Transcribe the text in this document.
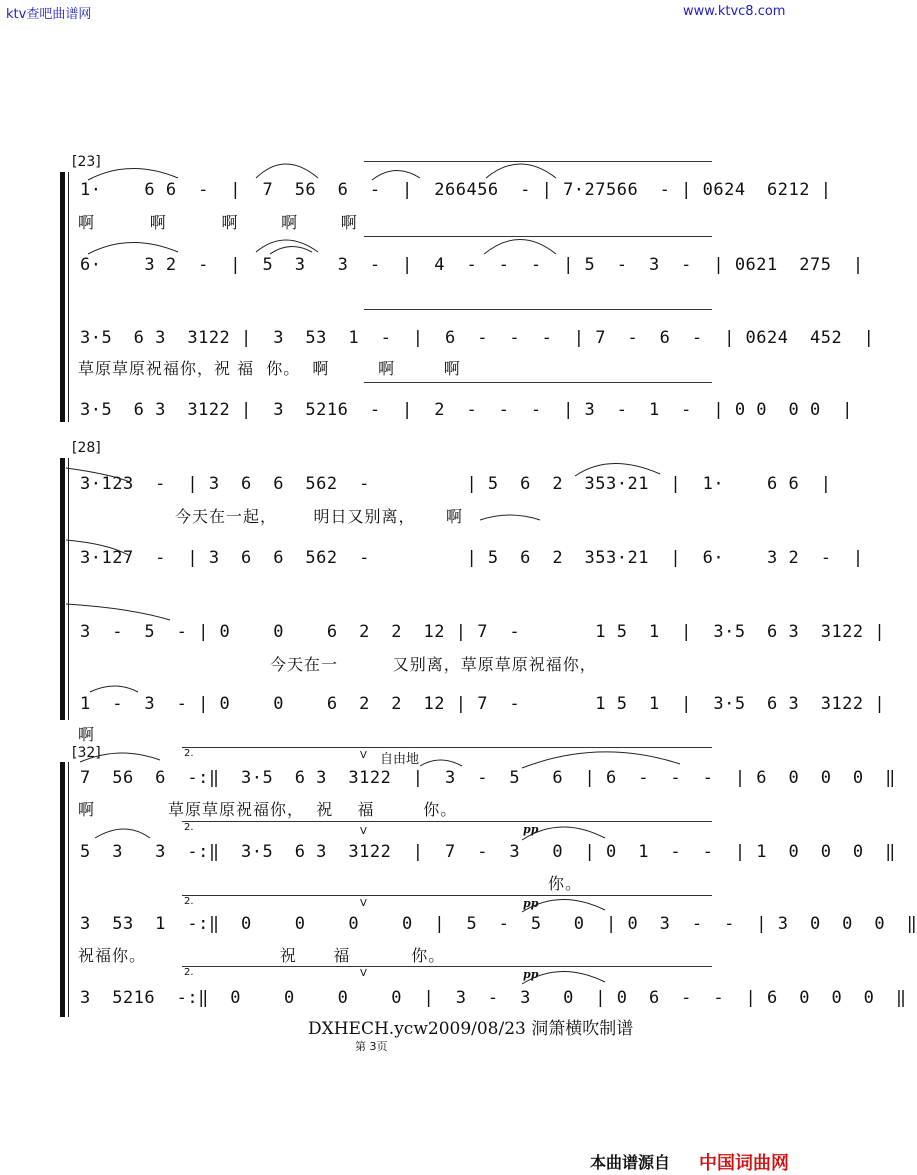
ktv查吧曲谱网	www.ktvc8.com
[23]
1·    6 6  -  |  7  56  6  -  |  266456  - | 7·27566  - | 0624  6212 |
啊         啊         啊       啊       啊
6·    3 2  -  |  5  3   3  -  |  4  -  -  -  | 5  -  3  -  | 0621  275  |
3·5  6 3  3122 |  3  53  1  -  |  6  -  -  -  | 7  -  6  -  | 0624  452  |
草原草原祝福你，祝 福  你。  啊        啊        啊
3·5  6 3  3122 |  3  5216  -  |  2  -  -  -  | 3  -  1  -  | 0 0  0 0  |
[28]
3·123  -  | 3  6  6  562  -         | 5  6  2  353·21  |  1·    6 6  |
今天在一起，      明日又别离，     啊
3·127  -  | 3  6  6  562  -         | 5  6  2  353·21  |  6·    3 2  -  |
3  -  5  - | 0    0    6  2  2  12 | 7  -       1 5  1  |  3·5  6 3  3122 |
今天在一         又别离，草原草原祝福你，
1  -  3  - | 0    0    6  2  2  12 | 7  -       1 5  1  |  3·5  6 3  3122 |
啊
[32]	自由地
2.
2.
2.
2.
V
V
V
V
pp
pp
pp
7  56  6  -:‖  3·5  6 3  3122  |  3  -  5   6  | 6  -  -  -  | 6  0  0  0  ‖
啊            草原草原祝福你，  祝    福        你。
5  3   3  -:‖  3·5  6 3  3122  |  7  -  3   0  | 0  1  -  -  | 1  0  0  0  ‖
你。
3  53  1  -:‖  0    0    0    0  |  5  -  5   0  | 0  3  -  -  | 3  0  0  0  ‖
祝福你。                      祝      福          你。
3  5216  -:‖  0    0    0    0  |  3  -  3   0  | 0  6  -  -  | 6  0  0  0  ‖
DXHECH.ycw2009/08/23 洞箫横吹制谱
第 3页
本曲谱源自 中国词曲网
